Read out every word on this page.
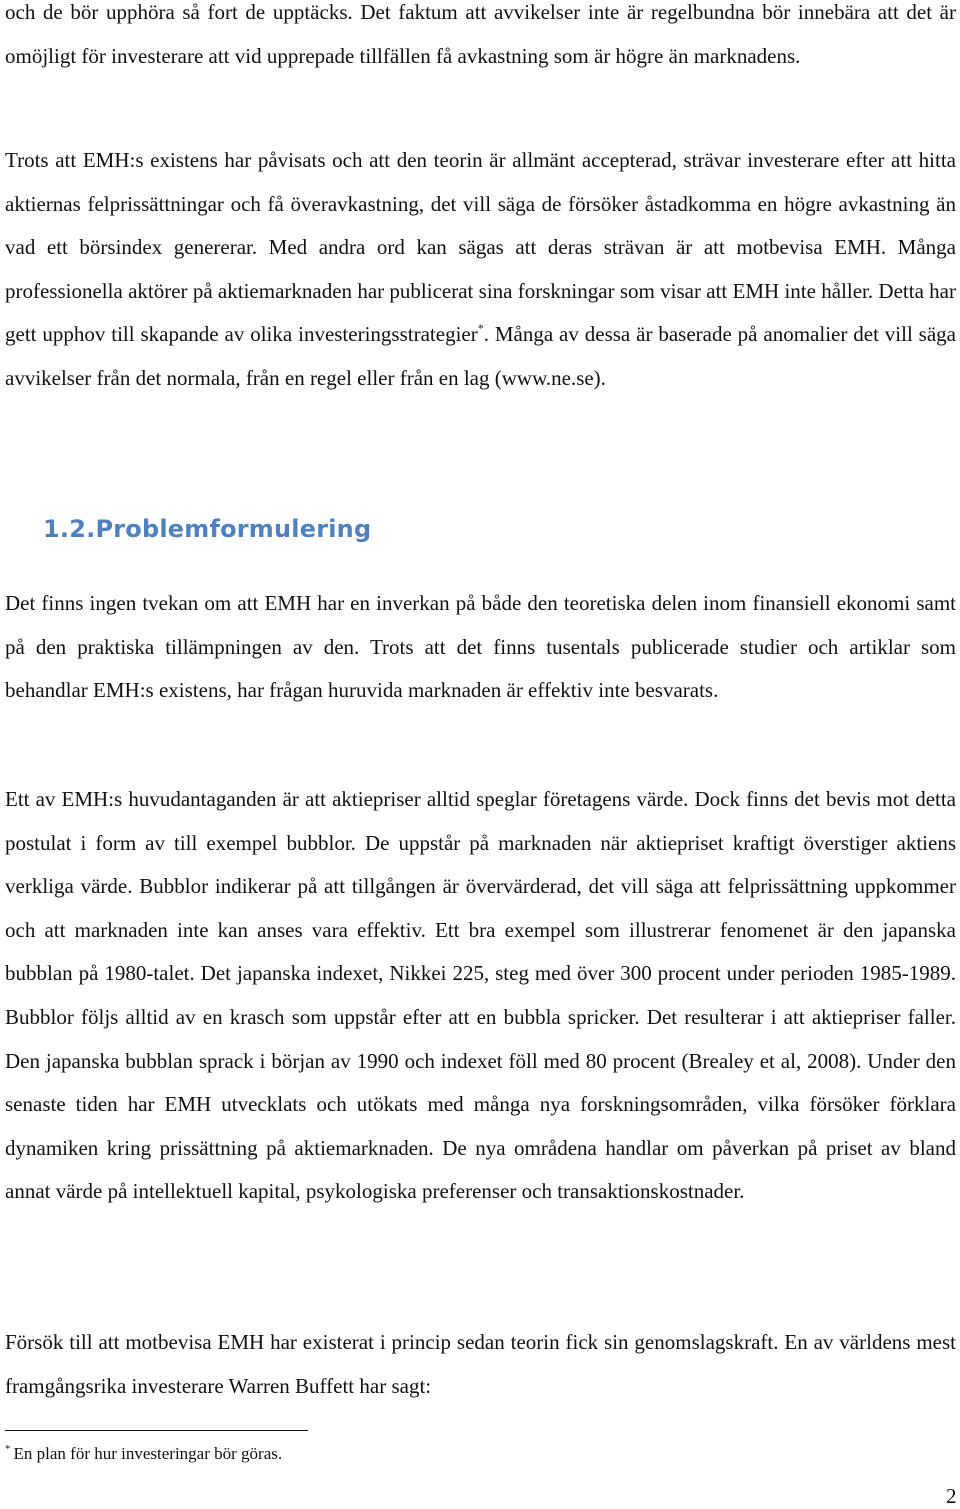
och de bör upphöra så fort de upptäcks. Det faktum att avvikelser inte är regelbundna bör innebära att det är omöjligt för investerare att vid upprepade tillfällen få avkastning som är högre än marknadens.

Trots att EMH:s existens har påvisats och att den teorin är allmänt accepterad, strävar investerare efter att hitta aktiernas felprissättningar och få överavkastning, det vill säga de försöker åstadkomma en högre avkastning än vad ett börsindex genererar. Med andra ord kan sägas att deras strävan är att motbevisa EMH. Många professionella aktörer på aktiemarknaden har publicerat sina forskningar som visar att EMH inte håller. Detta har gett upphov till skapande av olika investeringsstrategier*. Många av dessa är baserade på anomalier det vill säga avvikelser från det normala, från en regel eller från en lag (www.ne.se).

1.2.Problemformulering

Det finns ingen tvekan om att EMH har en inverkan på både den teoretiska delen inom finansiell ekonomi samt på den praktiska tillämpningen av den. Trots att det finns tusentals publicerade studier och artiklar som behandlar EMH:s existens, har frågan huruvida marknaden är effektiv inte besvarats.

Ett av EMH:s huvudantaganden är att aktiepriser alltid speglar företagens värde. Dock finns det bevis mot detta postulat i form av till exempel bubblor. De uppstår på marknaden när aktiepriset kraftigt överstiger aktiens verkliga värde. Bubblor indikerar på att tillgången är övervärderad, det vill säga att felprissättning uppkommer och att marknaden inte kan anses vara effektiv. Ett bra exempel som illustrerar fenomenet är den japanska bubblan på 1980-talet. Det japanska indexet, Nikkei 225, steg med över 300 procent under perioden 1985-1989. Bubblor följs alltid av en krasch som uppstår efter att en bubbla spricker. Det resulterar i att aktiepriser faller. Den japanska bubblan sprack i början av 1990 och indexet föll med 80 procent (Brealey et al, 2008). Under den senaste tiden har EMH utvecklats och utökats med många nya forskningsområden, vilka försöker förklara dynamiken kring prissättning på aktiemarknaden. De nya områdena handlar om påverkan på priset av bland annat värde på intellektuell kapital, psykologiska preferenser och transaktionskostnader.

Försök till att motbevisa EMH har existerat i princip sedan teorin fick sin genomslagskraft. En av världens mest framgångsrika investerare Warren Buffett har sagt:

* En plan för hur investeringar bör göras.

2
